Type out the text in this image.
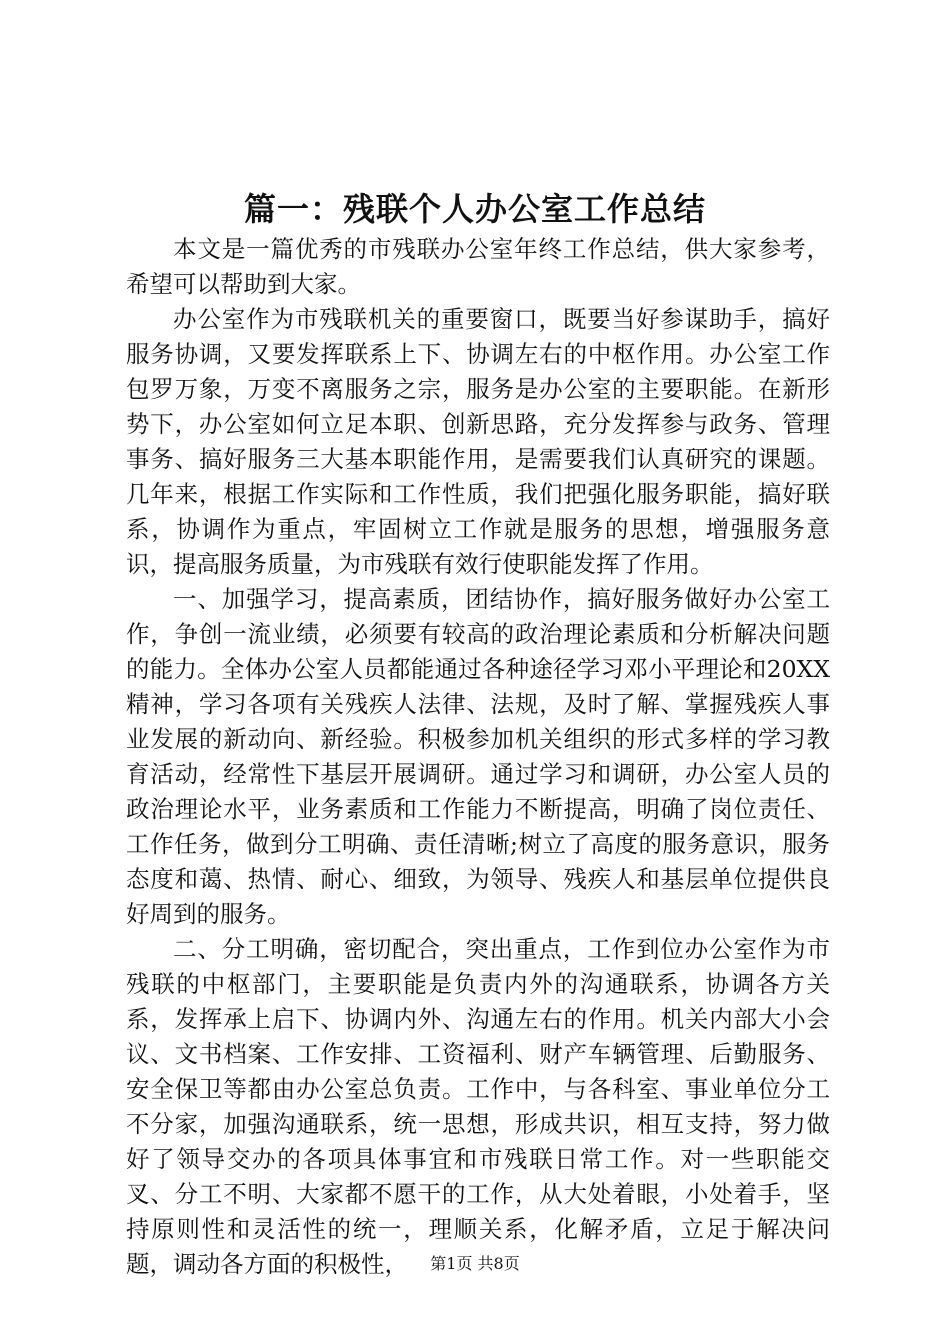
篇一：残联个人办公室工作总结

本文是一篇优秀的市残联办公室年终工作总结，供大家参考，希望可以帮助到大家。

办公室作为市残联机关的重要窗口，既要当好参谋助手，搞好服务协调，又要发挥联系上下、协调左右的中枢作用。办公室工作包罗万象，万变不离服务之宗，服务是办公室的主要职能。在新形势下，办公室如何立足本职、创新思路，充分发挥参与政务、管理事务、搞好服务三大基本职能作用，是需要我们认真研究的课题。几年来，根据工作实际和工作性质，我们把强化服务职能，搞好联系，协调作为重点，牢固树立工作就是服务的思想，增强服务意识，提高服务质量，为市残联有效行使职能发挥了作用。

一、加强学习，提高素质，团结协作，搞好服务做好办公室工作，争创一流业绩，必须要有较高的政治理论素质和分析解决问题的能力。全体办公室人员都能通过各种途径学习邓小平理论和20XX精神，学习各项有关残疾人法律、法规，及时了解、掌握残疾人事业发展的新动向、新经验。积极参加机关组织的形式多样的学习教育活动，经常性下基层开展调研。通过学习和调研，办公室人员的政治理论水平，业务素质和工作能力不断提高，明确了岗位责任、工作任务，做到分工明确、责任清晰;树立了高度的服务意识，服务态度和蔼、热情、耐心、细致，为领导、残疾人和基层单位提供良好周到的服务。

二、分工明确，密切配合，突出重点，工作到位办公室作为市残联的中枢部门，主要职能是负责内外的沟通联系，协调各方关系，发挥承上启下、协调内外、沟通左右的作用。机关内部大小会议、文书档案、工作安排、工资福利、财产车辆管理、后勤服务、安全保卫等都由办公室总负责。工作中，与各科室、事业单位分工不分家，加强沟通联系，统一思想，形成共识，相互支持，努力做好了领导交办的各项具体事宜和市残联日常工作。对一些职能交叉、分工不明、大家都不愿干的工作，从大处着眼，小处着手，坚持原则性和灵活性的统一，理顺关系，化解矛盾，立足于解决问题，调动各方面的积极性，	第1页 共8页
